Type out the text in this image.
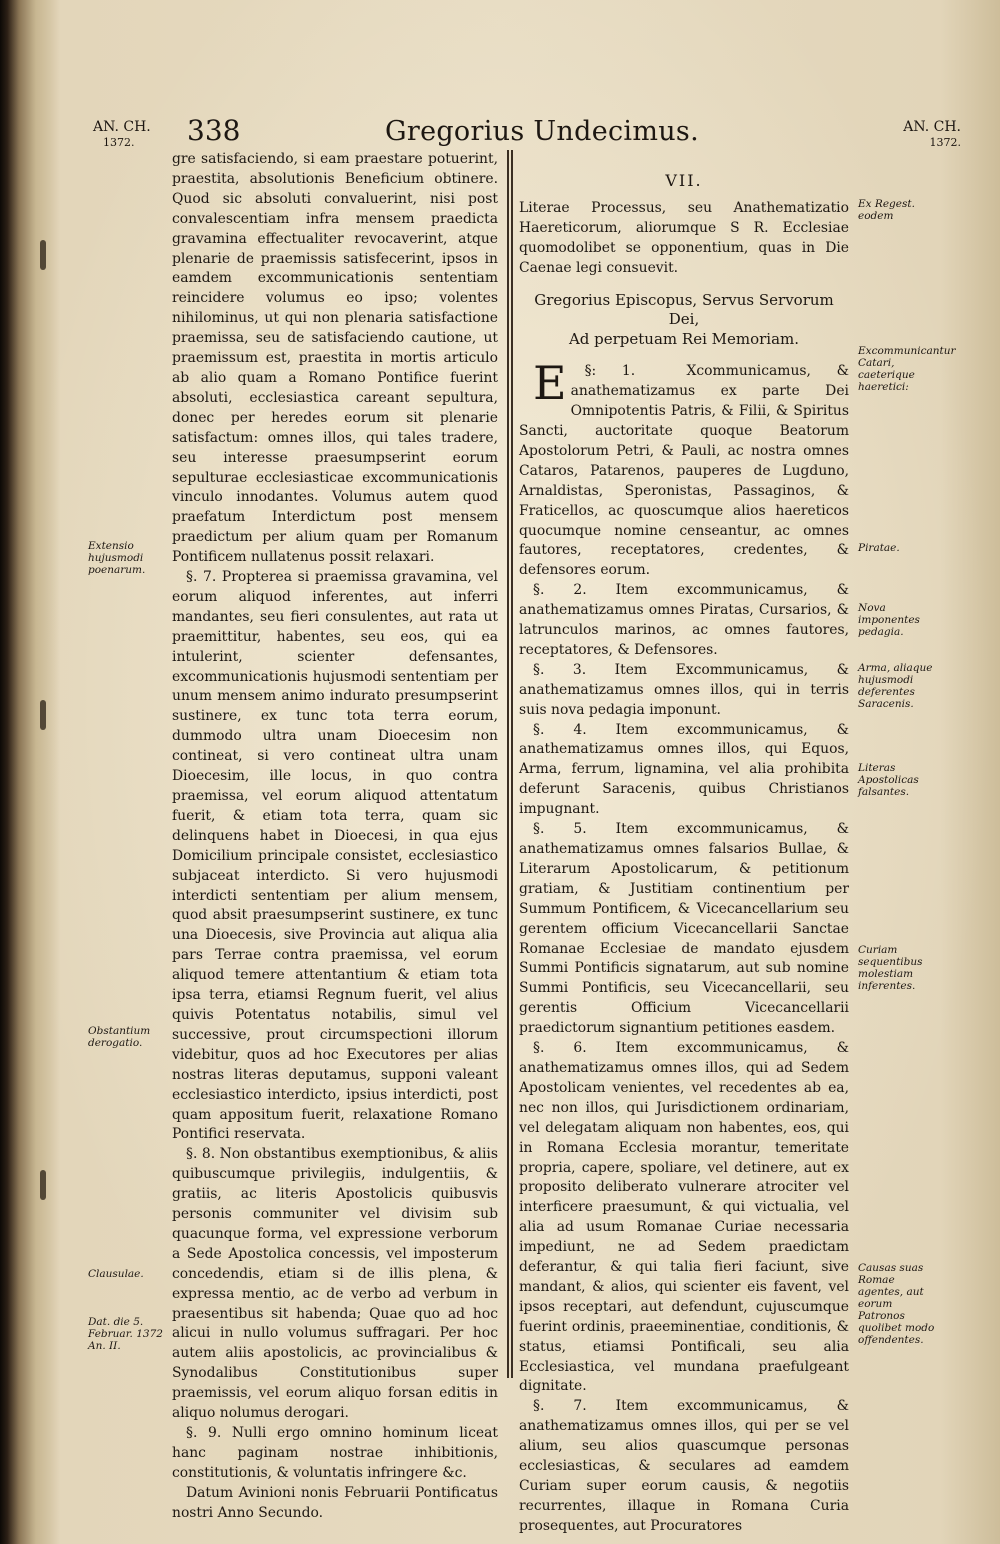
AN. CH.
1372.	338	Gregorius Undecimus.	AN. CH.
1372.

gre satisfaciendo, si eam praestare potuerint, praestita, absolutionis Beneficium obtinere. Quod sic absoluti convaluerint, nisi post convalescentiam infra mensem praedicta gravamina effectualiter revocaverint, atque plenarie de praemissis satisfecerint, ipsos in eamdem excommunicationis sententiam reincidere volumus eo ipso; volentes nihilominus, ut qui non plenaria satisfactione praemissa, seu de satisfaciendo cautione, ut praemissum est, praestita in mortis articulo ab alio quam a Romano Pontifice fuerint absoluti, ecclesiastica careant sepultura, donec per heredes eorum sit plenarie satisfactum: omnes illos, qui tales tradere, seu interesse praesumpserint eorum sepulturae ecclesiasticae excommunicationis vinculo innodantes. Volumus autem quod praefatum Interdictum post mensem praedictum per alium quam per Romanum Pontificem nullatenus possit relaxari.

§. 7. Propterea si praemissa gravamina, vel eorum aliquod inferentes, aut inferri mandantes, seu fieri consulentes, aut rata ut praemittitur, habentes, seu eos, qui ea intulerint, scienter defensantes, excommunicationis hujusmodi sententiam per unum mensem animo indurato presumpserint sustinere, ex tunc tota terra eorum, dummodo ultra unam Dioecesim non contineat, si vero contineat ultra unam Dioecesim, ille locus, in quo contra praemissa, vel eorum aliquod attentatum fuerit, & etiam tota terra, quam sic delinquens habet in Dioecesi, in qua ejus Domicilium principale consistet, ecclesiastico subjaceat interdicto. Si vero hujusmodi interdicti sententiam per alium mensem, quod absit praesumpserint sustinere, ex tunc una Dioecesis, sive Provincia aut aliqua alia pars Terrae contra praemissa, vel eorum aliquod temere attentantium & etiam tota ipsa terra, etiamsi Regnum fuerit, vel alius quivis Potentatus notabilis, simul vel successive, prout circumspectioni illorum videbitur, quos ad hoc Executores per alias nostras literas deputamus, supponi valeant ecclesiastico interdicto, ipsius interdicti, post quam appositum fuerit, relaxatione Romano Pontifici reservata.

§. 8. Non obstantibus exemptionibus, & aliis quibuscumque privilegiis, indulgentiis, & gratiis, ac literis Apostolicis quibusvis personis communiter vel divisim sub quacunque forma, vel expressione verborum a Sede Apostolica concessis, vel imposterum concedendis, etiam si de illis plena, & expressa mentio, ac de verbo ad verbum in praesentibus sit habenda; Quae quo ad hoc alicui in nullo volumus suffragari. Per hoc autem aliis apostolicis, ac provincialibus & Synodalibus Constitutionibus super praemissis, vel eorum aliquo forsan editis in aliquo nolumus derogari.

§. 9. Nulli ergo omnino hominum liceat hanc paginam nostrae inhibitionis, constitutionis, & voluntatis infringere &c.

Datum Avinioni nonis Februarii Pontificatus nostri Anno Secundo.

VII.

Literae Processus, seu Anathematizatio Haereticorum, aliorumque S R. Ecclesiae quomodolibet se opponentium, quas in Die Caenae legi consuevit.

Gregorius Episcopus, Servus Servorum Dei,
Ad perpetuam Rei Memoriam.

§: 1.
E	Xcommunicamus, & anathematizamus ex parte Dei Omnipotentis Patris, & Filii, & Spiritus Sancti, auctoritate quoque Beatorum Apostolorum Petri, & Pauli, ac nostra omnes Cataros, Patarenos, pauperes de Lugduno, Arnaldistas, Speronistas, Passaginos, & Fraticellos, ac quoscumque alios haereticos quocumque nomine censeantur, ac omnes fautores, receptatores, credentes, & defensores eorum.

§. 2. Item excommunicamus, & anathematizamus omnes Piratas, Cursarios, & latrunculos marinos, ac omnes fautores, receptatores, & Defensores.

§. 3. Item Excommunicamus, & anathematizamus omnes illos, qui in terris suis nova pedagia imponunt.

§. 4. Item excommunicamus, & anathematizamus omnes illos, qui Equos, Arma, ferrum, lignamina, vel alia prohibita deferunt Saracenis, quibus Christianos impugnant.

§. 5. Item excommunicamus, & anathematizamus omnes falsarios Bullae, & Literarum Apostolicarum, & petitionum gratiam, & Justitiam continentium per Summum Pontificem, & Vicecancellarium seu gerentem officium Vicecancellarii Sanctae Romanae Ecclesiae de mandato ejusdem Summi Pontificis signatarum, aut sub nomine Summi Pontificis, seu Vicecancellarii, seu gerentis Officium Vicecancellarii praedictorum signantium petitiones easdem.

§. 6. Item excommunicamus, & anathematizamus omnes illos, qui ad Sedem Apostolicam venientes, vel recedentes ab ea, nec non illos, qui Jurisdictionem ordinariam, vel delegatam aliquam non habentes, eos, qui in Romana Ecclesia morantur, temeritate propria, capere, spoliare, vel detinere, aut ex proposito deliberato vulnerare atrociter vel interficere praesumunt, & qui victualia, vel alia ad usum Romanae Curiae necessaria impediunt, ne ad Sedem praedictam deferantur, & qui talia fieri faciunt, sive mandant, & alios, qui scienter eis favent, vel ipsos receptari, aut defendunt, cujuscumque fuerint ordinis, praeeminentiae, conditionis, & status, etiamsi Pontificali, seu alia Ecclesiastica, vel mundana praefulgeant dignitate.

§. 7. Item excommunicamus, & anathematizamus omnes illos, qui per se vel alium, seu alios quascumque personas ecclesiasticas, & seculares ad eamdem Curiam super eorum causis, & negotiis recurrentes, illaque in Romana Curia prosequentes, aut Procuratores

Extensio hujusmodi poenarum.
Obstantium derogatio.
Clausulae.
Dat. die 5. Februar. 1372 An. II.
Ex Regest. eodem
Excommunicantur Catari, caeterique haeretici:
Piratae.
Nova imponentes pedagia.
Arma, aliaque hujusmodi deferentes Saracenis.
Literas Apostolicas falsantes.
Curiam sequentibus molestiam inferentes.
Causas suas Romae agentes, aut eorum Patronos quolibet modo offendentes.
